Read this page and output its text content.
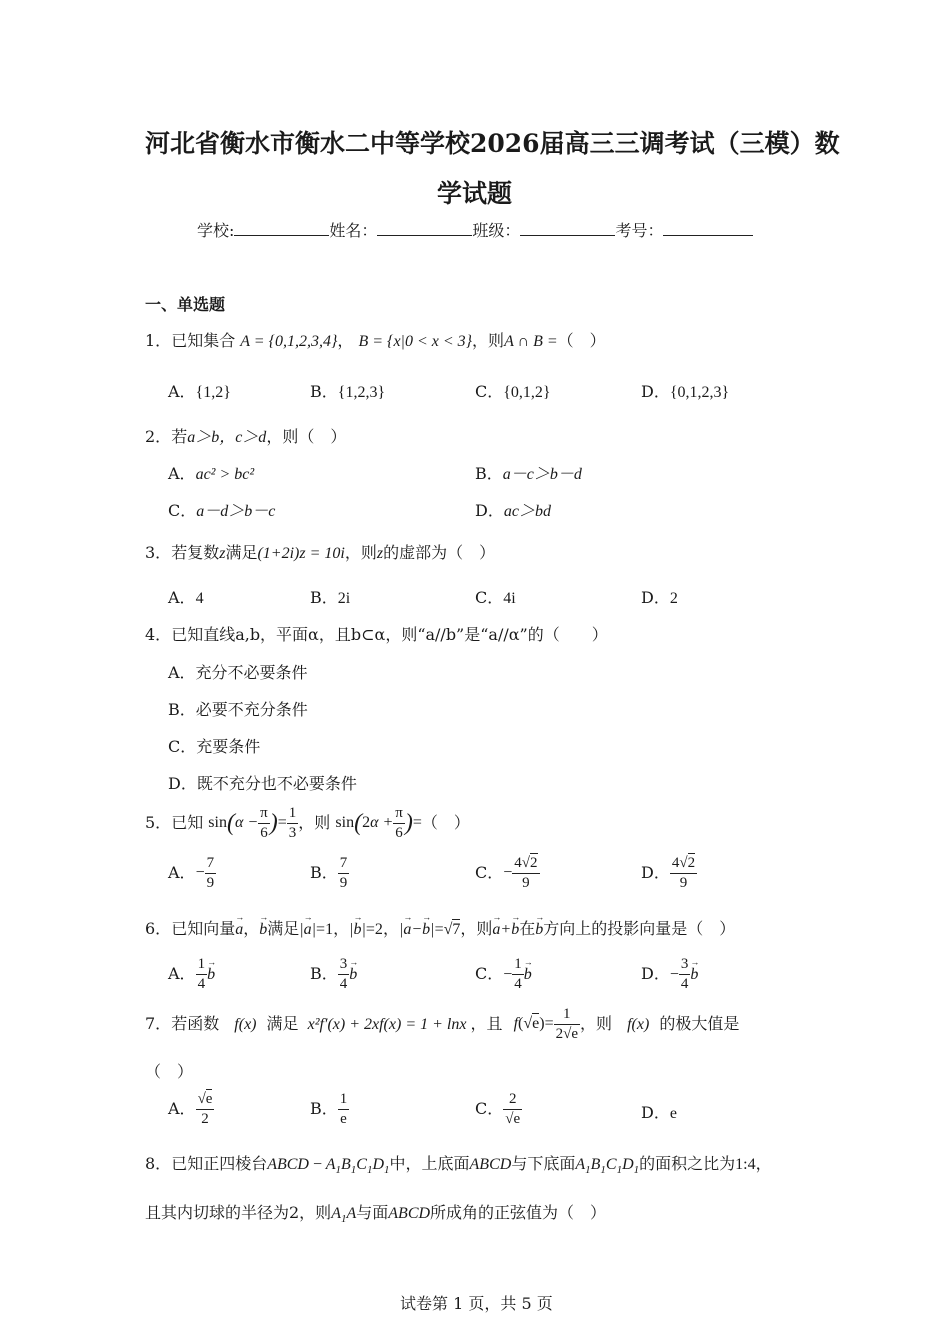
河北省衡水市衡水二中等学校2026届高三三调考试（三模）数
学试题
学校:	姓名：	班级：	考号：
一、单选题
1．已知集合 A = {0,1,2,3,4}， B = {x|0 < x < 3}，则A ∩ B =（　）
A．{1,2}	B．{1,2,3}	C．{0,1,2}	D．{0,1,2,3}
2．若a＞b，c＞d，则（　）
A．ac² > bc²	B．a－c＞b－d
C．a－d＞b－c	D．ac＞bd
3．若复数z满足(1+2i)z = 10i，则z的虚部为（　）
A．4	B．2i	C．4i	D．2
4．已知直线a,b，平面α，且b⊂α，则“a//b”是“a//α”的（　　）
A．充分不必要条件
B．必要不充分条件
C．充要条件
D．既不充分也不必要条件
5．已知 $\sin(\alpha - \frac{\pi}{6}$ )= $\frac{1}{3}$ ，则 $\sin(2\alpha + \frac{\pi}{6}$ )=（　）
A．− $\frac{7}{9}$	B． $\frac{7}{9}$	C．− $\frac{4√2}{9}$	D． $\frac{4√2}{9}$
6．已知向量→ a，→ b满足|→ a|=1，|→ b|=2，|→ a−→ b|=√7，则→ a+→ b在→ b方向上的投影向量是（　）
A． $\frac{1}{4}$
→ b	B． $\frac{3}{4}$
→ b	C．− $\frac{1}{4}$
→ b	D．− $\frac{3}{4}$
→ b
7．若函数 f(x) 满足 x²f′(x) + 2xf(x) = 1 + lnx ，且 $f(√e)= \frac{1}{2√e}$ ，则 f(x) 的极大值是
（　）
A． $\frac{√e}{2}$	B． $\frac{1}{e}$	C． $\frac{2}{√e}$	D．e
8．已知正四棱台ABCD − $A_1B_1C_1D_1$中，上底面ABCD与下底面$A_1B_1C_1D_1$的面积之比为1:4，
且其内切球的半径为2，则$A_1A$与面ABCD所成角的正弦值为（　）
试卷第 1 页，共 5 页
